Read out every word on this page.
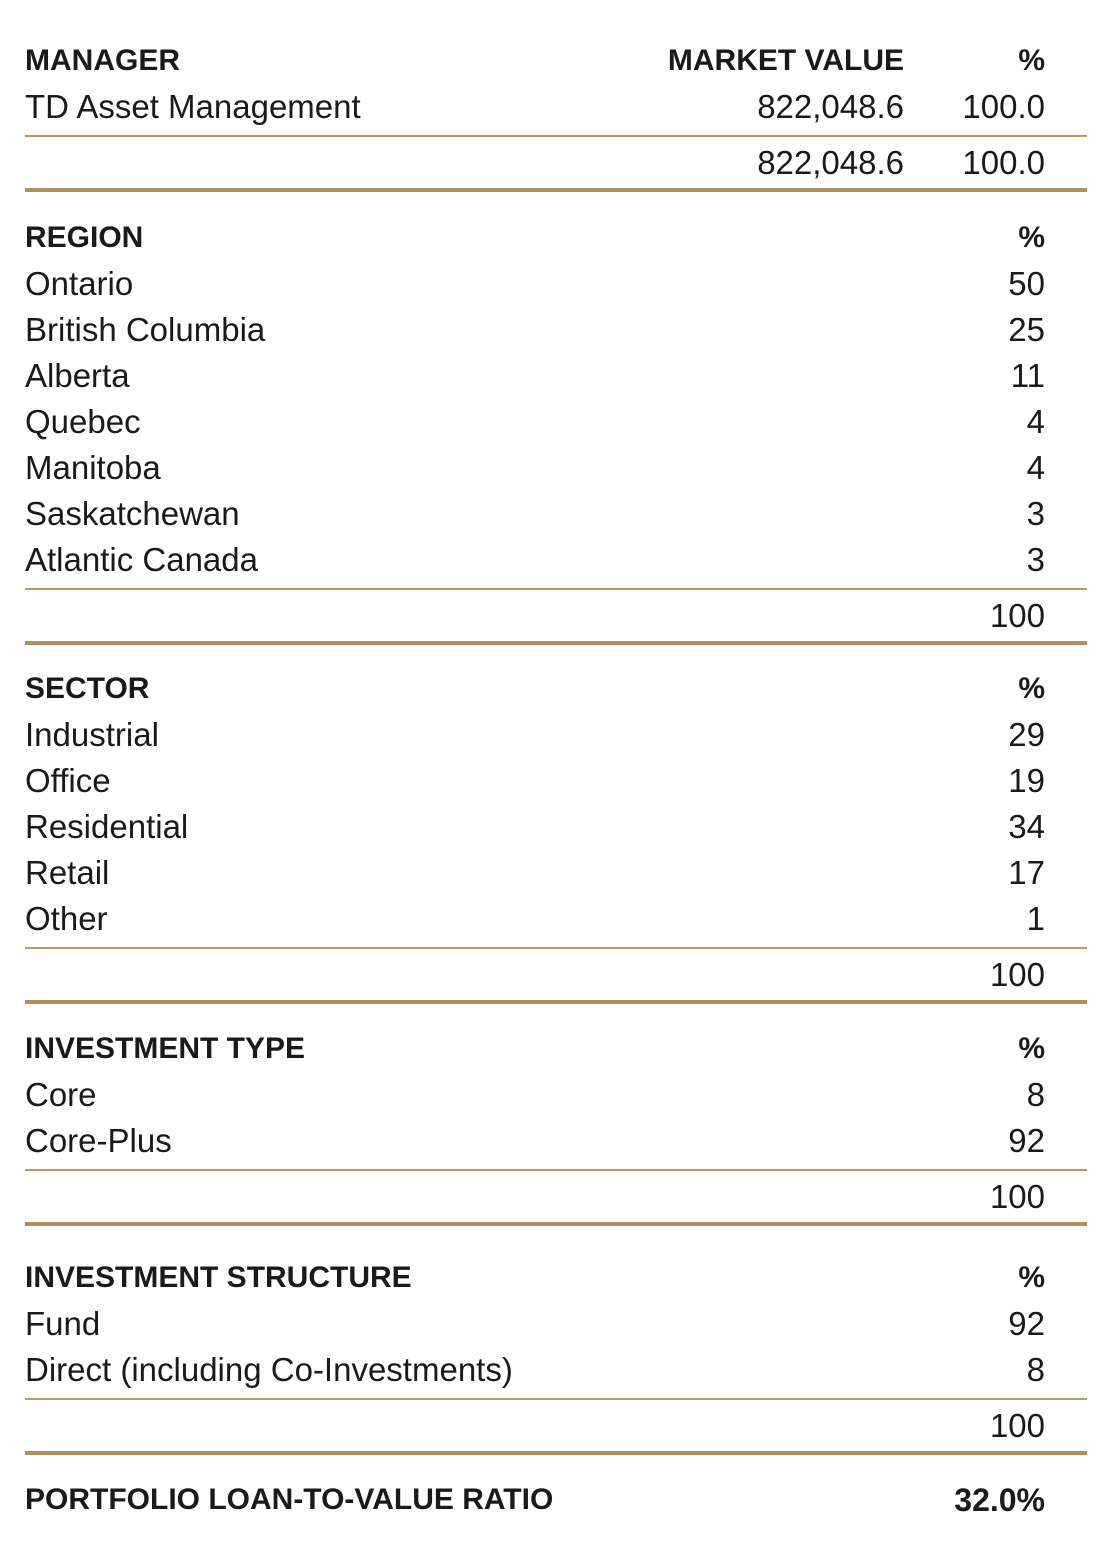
MANAGER	MARKET VALUE	%
TD Asset Management	822,048.6 100.0
822,048.6 100.0
REGION	%
Ontario	50
British Columbia	25
Alberta	11
Quebec	4
Manitoba	4
Saskatchewan	3
Atlantic Canada	3
100
SECTOR	%
Industrial	29
Office	19
Residential	34
Retail	17
Other	1
100
INVESTMENT TYPE	%
Core	8
Core-Plus	92
100
INVESTMENT STRUCTURE	%
Fund	92
Direct (including Co-Investments)	8
100
PORTFOLIO LOAN-TO-VALUE RATIO	32.0%
